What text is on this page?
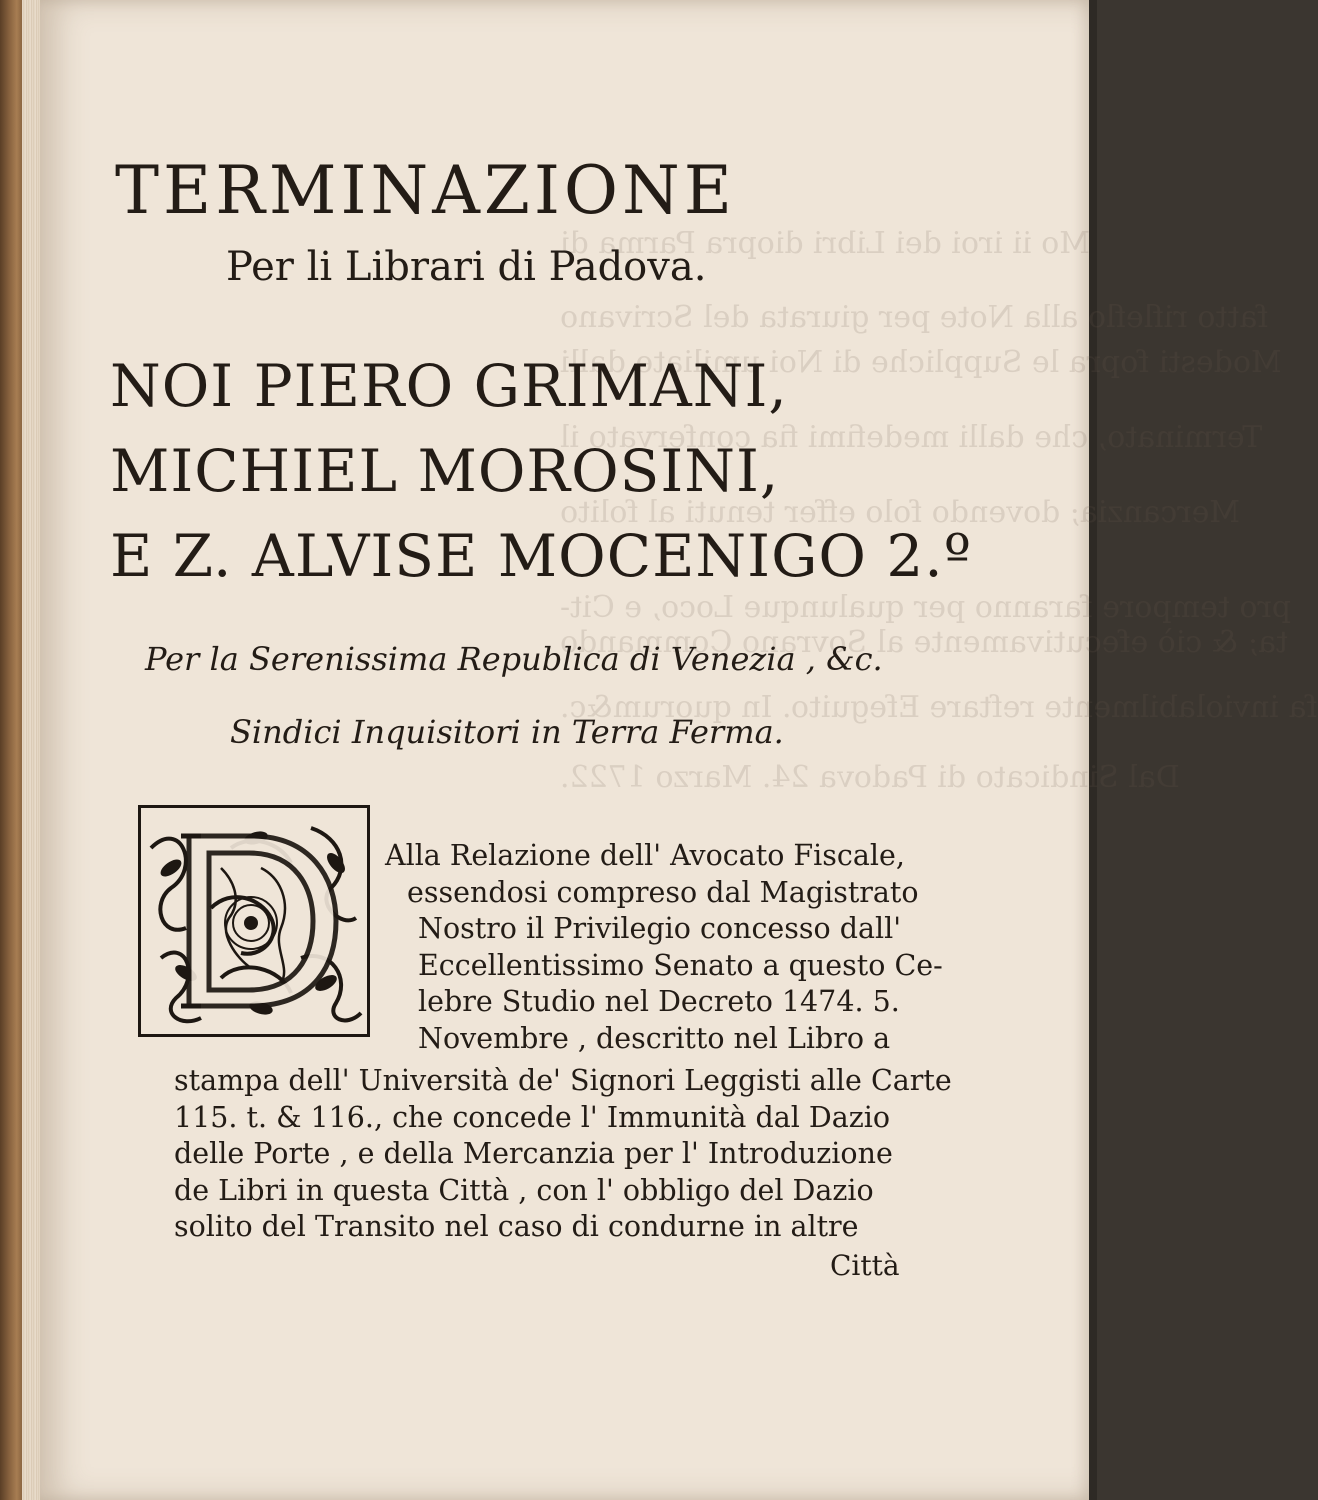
Mo ii iroi dei Libri diopra Parma di
fatto rifleflo alla Note per giurata del Scrivano
Modesti fopra le Suppliche di Noi umiliate dalli
Terminato, che dalli medefimi fia confervato il
Mercanzia; dovendo folo effer tenuti al folito
pro tempore faranno per qualunque Loco, e Cit-
ta; & ciò efecutivamente al Sovrano Commando
fa inviolabilmente reftare Efeguito. In quorum&c.
Dal Sindicato di Padova 24. Marzo 1722.
TERMINAZIONE
Per li Librari di Padova.
NOI PIERO GRIMANI,
MICHIEL MOROSINI,
E Z. ALVISE MOCENIGO 2.º
Per la Serenissima Republica di Venezia , &c.
Sindici Inquisitori in Terra Ferma.
Alla Relazione dell' Avocato Fiscale,
essendosi compreso dal Magistrato
Nostro il Privilegio concesso dall'
Eccellentissimo Senato a questo Ce-
lebre Studio nel Decreto 1474. 5.
Novembre , descritto nel Libro a
stampa dell' Università de' Signori Leggisti alle Carte
115. t. & 116., che concede l' Immunità dal Dazio
delle Porte , e della Mercanzia per l' Introduzione
de Libri in questa Città , con l' obbligo del Dazio
solito del Transito nel caso di condurne in altre
Città
